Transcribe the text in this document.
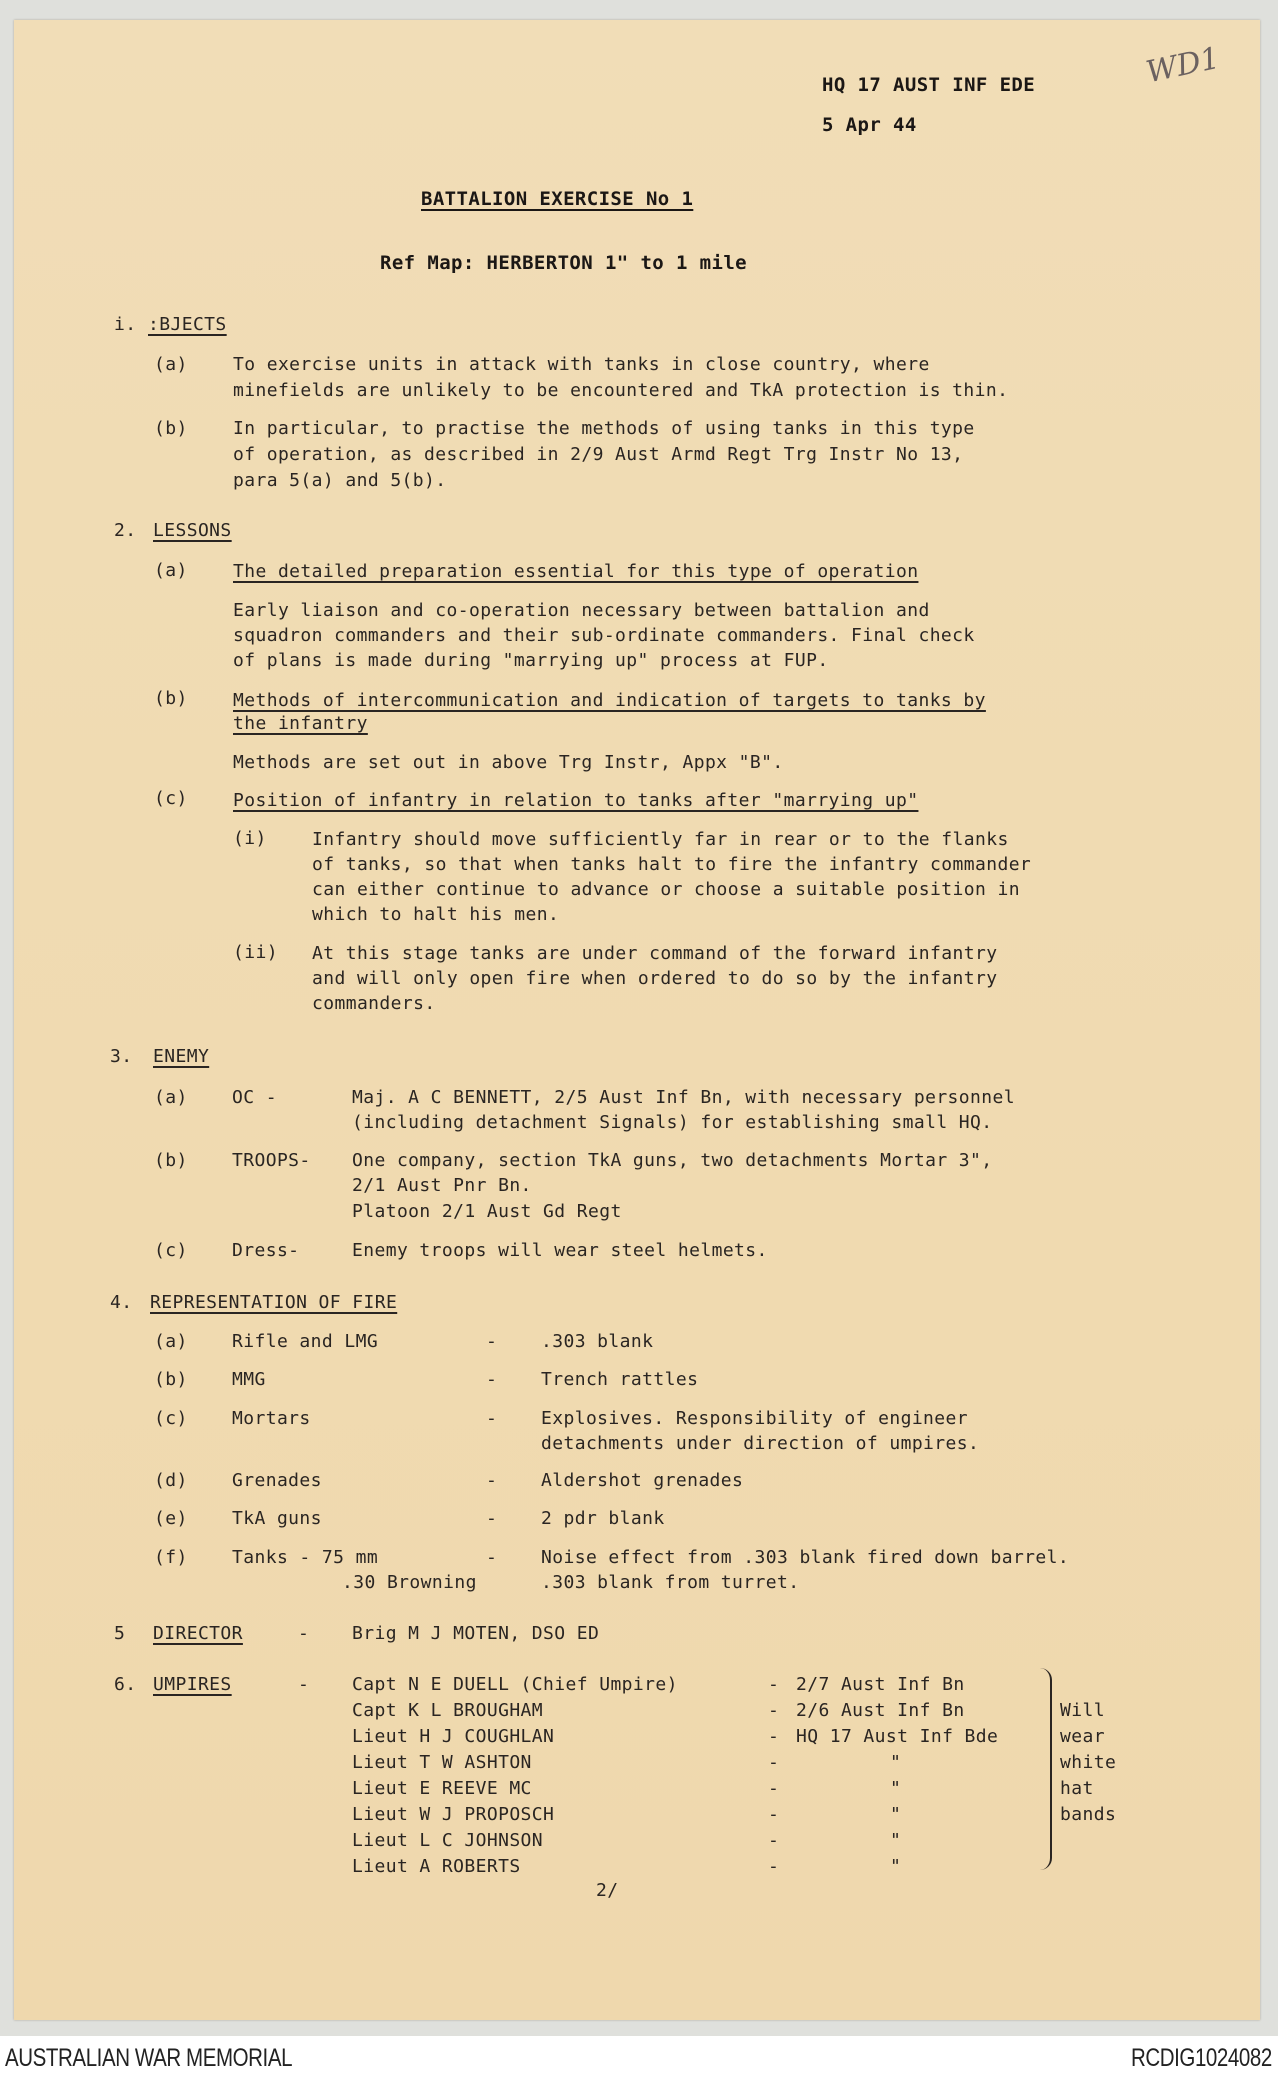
HQ 17 AUST INF EDE
5 Apr 44
WD1
BATTALION EXERCISE No 1
Ref Map: HERBERTON 1" to 1 mile
i. :BJECTS
(a)	To exercise units in attack with tanks in close country, where
minefields are unlikely to be encountered and TkA protection is thin.
(b)	In particular, to practise the methods of using tanks in this type
of operation, as described in 2/9 Aust Armd Regt Trg Instr No 13,
para 5(a) and 5(b).
2. LESSONS
(a)	The detailed preparation essential for this type of operation
Early liaison and co-operation necessary between battalion and
squadron commanders and their sub-ordinate commanders. Final check
of plans is made during "marrying up" process at FUP.
(b)	Methods of intercommunication and indication of targets to tanks by
the infantry
Methods are set out in above Trg Instr, Appx "B".
(c)	Position of infantry in relation to tanks after "marrying up"
(i)	Infantry should move sufficiently far in rear or to the flanks
of tanks, so that when tanks halt to fire the infantry commander
can either continue to advance or choose a suitable position in
which to halt his men.
(ii) At this stage tanks are under command of the forward infantry
and will only open fire when ordered to do so by the infantry
commanders.
3. ENEMY
(a) OC -	Maj. A C BENNETT, 2/5 Aust Inf Bn, with necessary personnel
(including detachment Signals) for establishing small HQ.
(b) TROOPS- One company, section TkA guns, two detachments Mortar 3",
2/1 Aust Pnr Bn.
Platoon 2/1 Aust Gd Regt
(c) Dress-	Enemy troops will wear steel helmets.
4. REPRESENTATION OF FIRE
(a) Rifle and LMG	- .303 blank
(b) MMG	- Trench rattles
(c) Mortars	- Explosives. Responsibility of engineer
detachments under direction of umpires.
(d) Grenades	- Aldershot grenades
(e) TkA guns	- 2 pdr blank
(f) Tanks - 75 mm	- Noise effect from .303 blank fired down barrel.
.30 Browning	.303 blank from turret.
5 DIRECTOR	- Brig M J MOTEN, DSO ED
6. UMPIRES	- Capt N E DUELL (Chief Umpire)	- 2/7 Aust Inf Bn
Capt K L BROUGHAM	- 2/6 Aust Inf Bn
Lieut H J COUGHLAN	- HQ 17 Aust Inf Bde
Lieut T W ASHTON	-	"
Lieut E REEVE MC	-	"
Lieut W J PROPOSCH	-	"
Lieut L C JOHNSON	-	"
Lieut A ROBERTS	-	"
Will
wear
white
hat
bands
2/
AUSTRALIAN WAR MEMORIAL	RCDIG1024082
